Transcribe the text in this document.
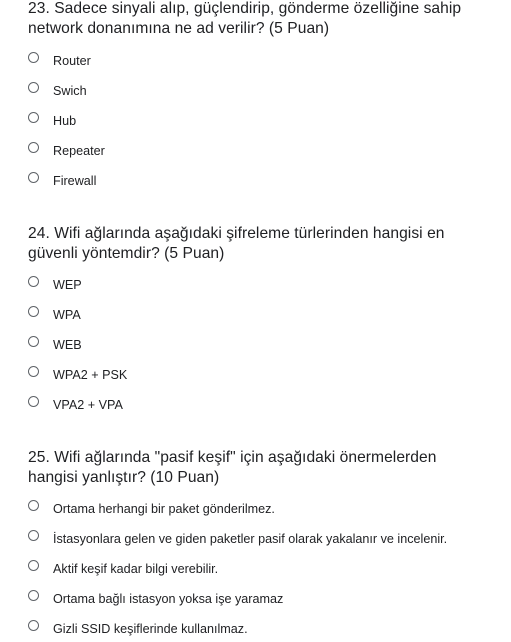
23. Sadece sinyali alıp, güçlendirip, gönderme özelliğine sahip
network donanımına ne ad verilir? (5 Puan)
Router
Swich
Hub
Repeater
Firewall
24. Wifi ağlarında aşağıdaki şifreleme türlerinden hangisi en
güvenli yöntemdir? (5 Puan)
WEP
WPA
WEB
WPA2 + PSK
VPA2 + VPA
25. Wifi ağlarında "pasif keşif" için aşağıdaki önermelerden
hangisi yanlıştır? (10 Puan)
Ortama herhangi bir paket gönderilmez.
İstasyonlara gelen ve giden paketler pasif olarak yakalanır ve incelenir.
Aktif keşif kadar bilgi verebilir.
Ortama bağlı istasyon yoksa işe yaramaz
Gizli SSID keşiflerinde kullanılmaz.
